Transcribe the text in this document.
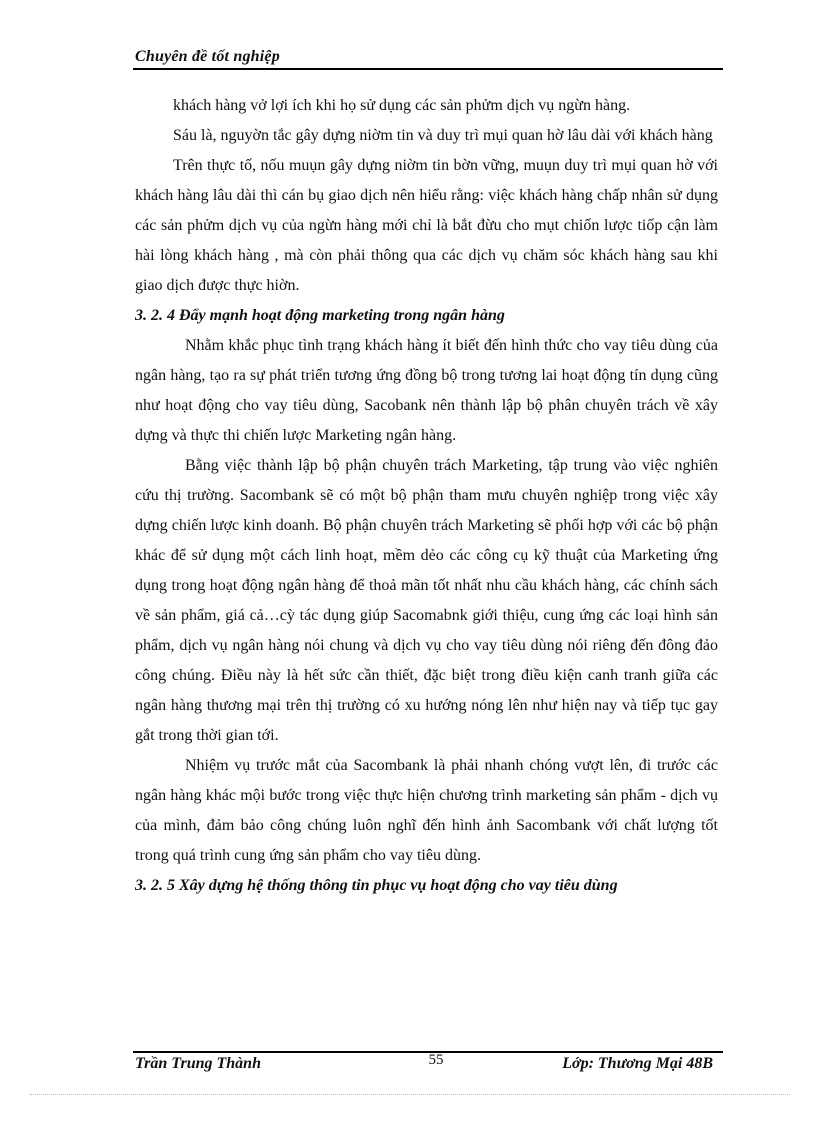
Chuyên đề tốt nghiệp

khách hàng vở lợi ích khi họ sử dụng các sản phửm dịch vụ ngừn hàng.

Sáu là, nguyờn tắc gây dựng niờm tin và duy trì mụi quan hờ lâu dài với khách hàng

Trên thực tố, nốu muụn gây dựng niờm tin bờn vững, muụn duy trì mụi quan hờ với khách hàng lâu dài thì cán bụ giao dịch nên hiểu rằng: việc khách hàng chấp nhân sử dụng các sản phửm dịch vụ của ngừn hàng mới chỉ là bắt đừu cho mụt chiốn lược tiốp cận làm hài lòng khách hàng , mà còn phải thông qua các dịch vụ chăm sóc khách hàng sau khi giao dịch được thực hiờn.

3. 2. 4 Đẩy mạnh hoạt động marketing trong ngân hàng

Nhằm khắc phục tình trạng khách hàng ít biết đến hình thức cho vay tiêu dùng của ngân hàng, tạo ra sự phát triển tương ứng đồng bộ trong tương lai hoạt động tín dụng cũng như hoạt động cho vay tiêu dùng, Sacobank nên thành lập bộ phân chuyên trách về xây dựng và thực thi chiến lược Marketing ngân hàng.

Bằng việc thành lập bộ phận chuyên trách Marketing, tập trung vào việc nghiên cứu thị trường. Sacombank sẽ có một bộ phận tham mưu chuyên nghiệp trong việc xây dựng chiến lược kinh doanh. Bộ phận chuyên trách Marketing sẽ phối hợp với các bộ phận khác để sử dụng một cách linh hoạt, mềm dẻo các công cụ kỹ thuật của Marketing ứng dụng trong hoạt động ngân hàng để thoả mãn tốt nhất nhu cầu khách hàng, các chính sách về sản phẩm, giá cả…cỳ tác dụng giúp Sacomabnk giới thiệu, cung ứng các loại hình sản phẩm, dịch vụ ngân hàng nói chung và dịch vụ cho vay tiêu dùng nói riêng đến đông đảo công chúng. Điều này là hết sức cần thiết, đặc biệt trong điều kiện canh tranh giữa các ngân hàng thương mại trên thị trường có xu hướng nóng lên như hiện nay và tiếp tục gay gắt trong thời gian tới.

Nhiệm vụ trước mắt của Sacombank là phải nhanh chóng vượt lên, đi trước các ngân hàng khác mội bước trong việc thực hiện chương trình marketing sản phẩm - dịch vụ của mình, đảm bảo công chúng luôn nghĩ đến hình ảnh Sacombank với chất lượng tốt trong quá trình cung ứng sản phẩm cho vay tiêu dùng.

3. 2. 5 Xây dựng hệ thống thông tin phục vụ hoạt động cho vay tiêu dùng

Trần Trung Thành	55	Lớp: Thương Mại 48B
